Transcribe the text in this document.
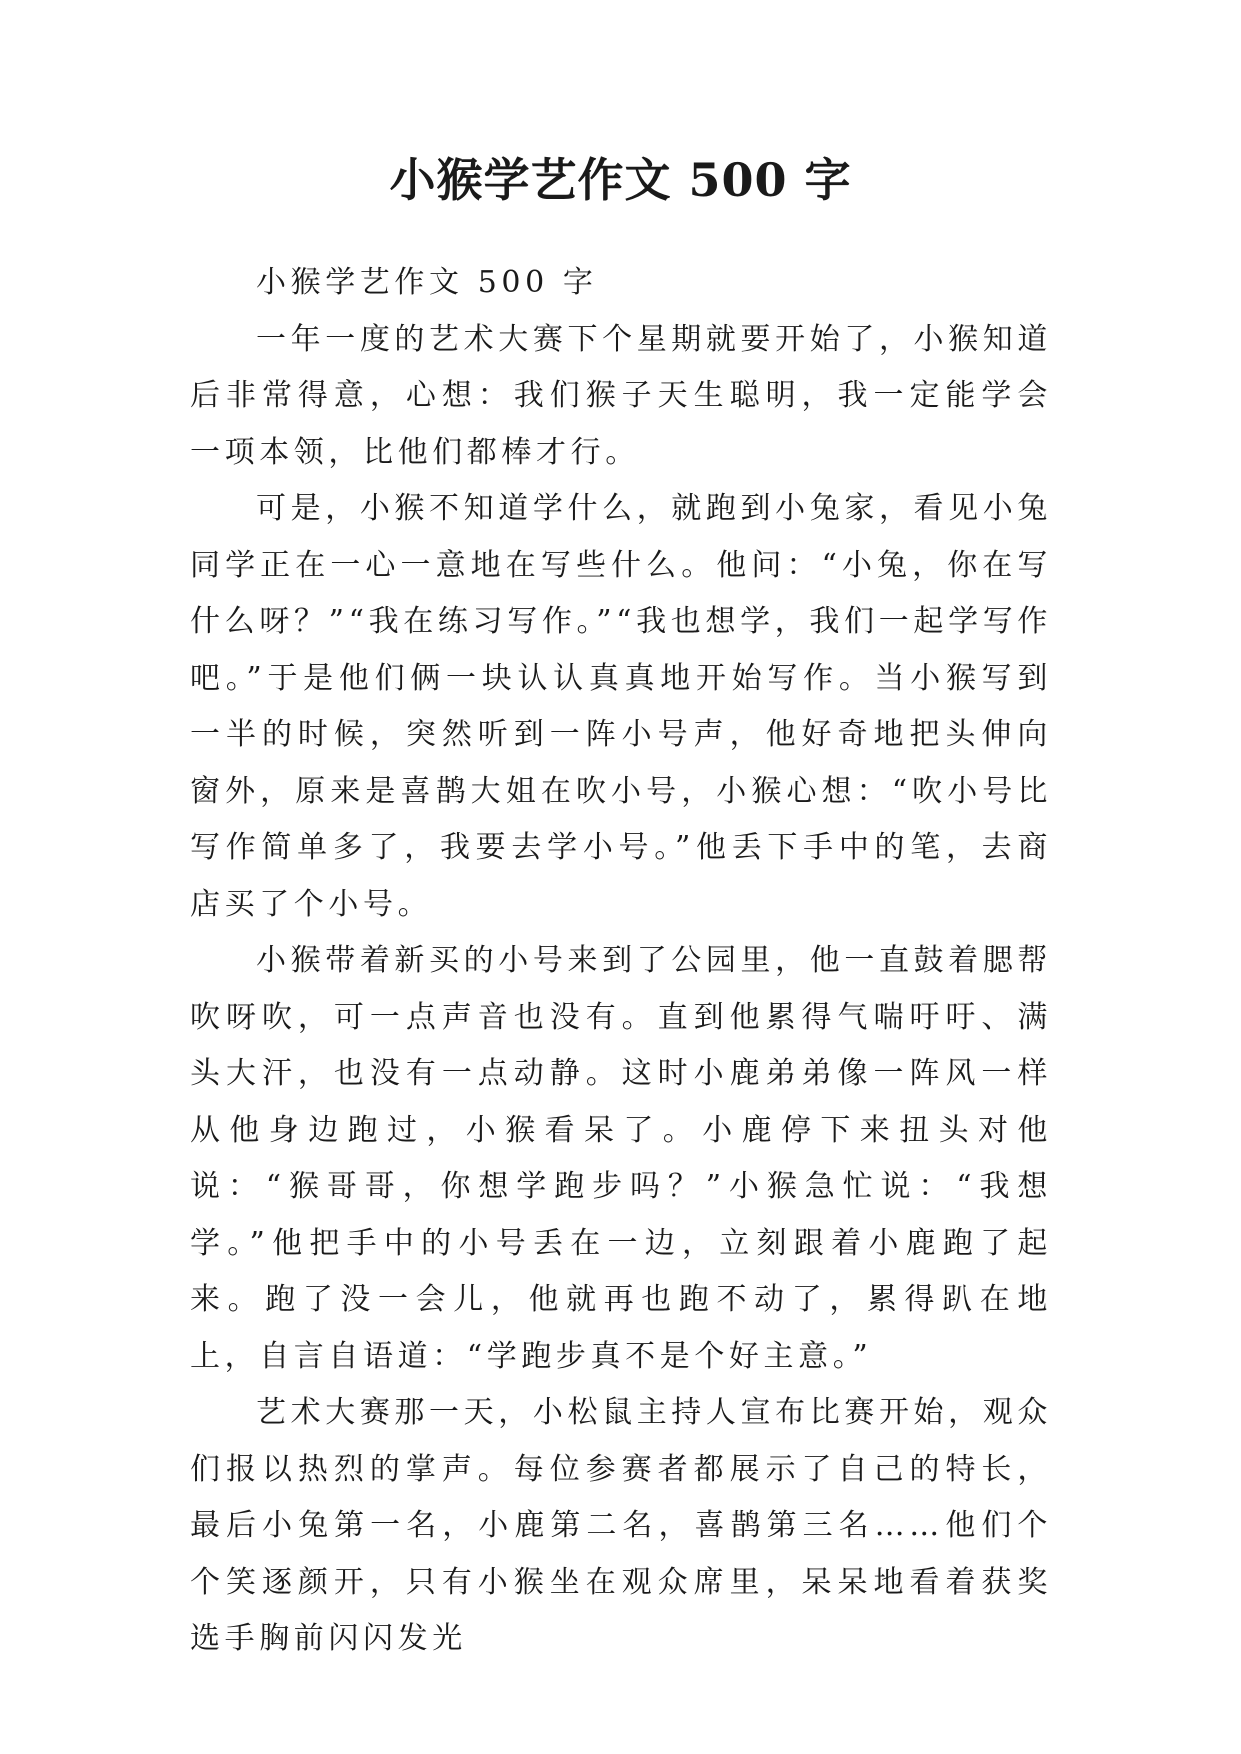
小猴学艺作文 500 字

小猴学艺作文 500 字

一年一度的艺术大赛下个星期就要开始了，小猴知道后非常得意，心想：我们猴子天生聪明，我一定能学会一项本领，比他们都棒才行。

可是，小猴不知道学什么，就跑到小兔家，看见小兔同学正在一心一意地在写些什么。他问：“小兔，你在写什么呀？”“我在练习写作。”“我也想学，我们一起学写作吧。”于是他们俩一块认认真真地开始写作。当小猴写到一半的时候，突然听到一阵小号声，他好奇地把头伸向窗外，原来是喜鹊大姐在吹小号，小猴心想：“吹小号比写作简单多了，我要去学小号。”他丢下手中的笔，去商店买了个小号。

小猴带着新买的小号来到了公园里，他一直鼓着腮帮吹呀吹，可一点声音也没有。直到他累得气喘吁吁、满头大汗，也没有一点动静。这时小鹿弟弟像一阵风一样从他身边跑过，小猴看呆了。小鹿停下来扭头对他说：“猴哥哥，你想学跑步吗？”小猴急忙说：“我想学。”他把手中的小号丢在一边，立刻跟着小鹿跑了起来。跑了没一会儿，他就再也跑不动了，累得趴在地上，自言自语道：“学跑步真不是个好主意。”

艺术大赛那一天，小松鼠主持人宣布比赛开始，观众们报以热烈的掌声。每位参赛者都展示了自己的特长，最后小兔第一名，小鹿第二名，喜鹊第三名……他们个个笑逐颜开，只有小猴坐在观众席里，呆呆地看着获奖选手胸前闪闪发光
